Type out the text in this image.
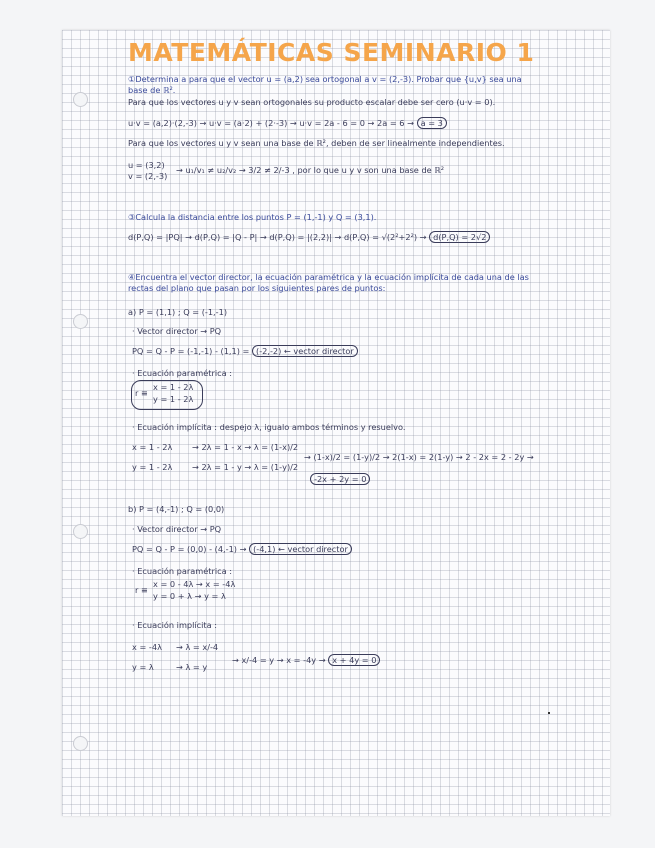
MATEMÁTICAS SEMINARIO 1
①Determina a para que el vector u = (a,2) sea ortogonal a v = (2,-3). Probar que {u,v} sea una
base de ℝ².
Para que los vectores u y v sean ortogonales su producto escalar debe ser cero (u·v = 0).
u·v = (a,2)·(2,-3) → u·v = (a·2) + (2·-3) → u·v = 2a - 6 = 0 → 2a = 6 → a = 3
Para que los vectores u y v sean una base de ℝ², deben de ser linealmente independientes.
u = (3,2)
v = (2,-3)
→ u₁/v₁ ≠ u₂/v₂ → 3/2 ≠ 2/-3 , por lo que u y v son una base de ℝ²
③Calcula la distancia entre los puntos P = (1,-1) y Q = (3,1).
d(P,Q) = |PQ| → d(P,Q) = |Q - P| → d(P,Q) = |(2,2)| → d(P,Q) = √(2²+2²) → d(P,Q) = 2√2
④Encuentra el vector director, la ecuación paramétrica y la ecuación implícita de cada una de las
rectas del plano que pasan por los siguientes pares de puntos:
a) P = (1,1) ; Q = (-1,-1)
· Vector director → PQ
PQ = Q - P = (-1,-1) - (1,1) = (-2,-2) ← vector director
· Ecuación paramétrica :
r ≡
x = 1 - 2λ
y = 1 - 2λ
· Ecuación implícita : despejo λ, igualo ambos términos y resuelvo.
x = 1 - 2λ
y = 1 - 2λ
→ 2λ = 1 - x → λ = (1-x)/2
→ 2λ = 1 - y → λ = (1-y)/2
→ (1-x)/2 = (1-y)/2 → 2(1-x) = 2(1-y) → 2 - 2x = 2 - 2y →
-2x + 2y = 0
b) P = (4,-1) ; Q = (0,0)
· Vector director → PQ
PQ = Q - P = (0,0) - (4,-1) → (-4,1) ← vector director
· Ecuación paramétrica :
r ≡
x = 0 - 4λ → x = -4λ
y = 0 + λ → y = λ
· Ecuación implícita :
x = -4λ
y = λ
→ λ = x/-4
→ λ = y
→ x/-4 = y → x = -4y → x + 4y = 0
